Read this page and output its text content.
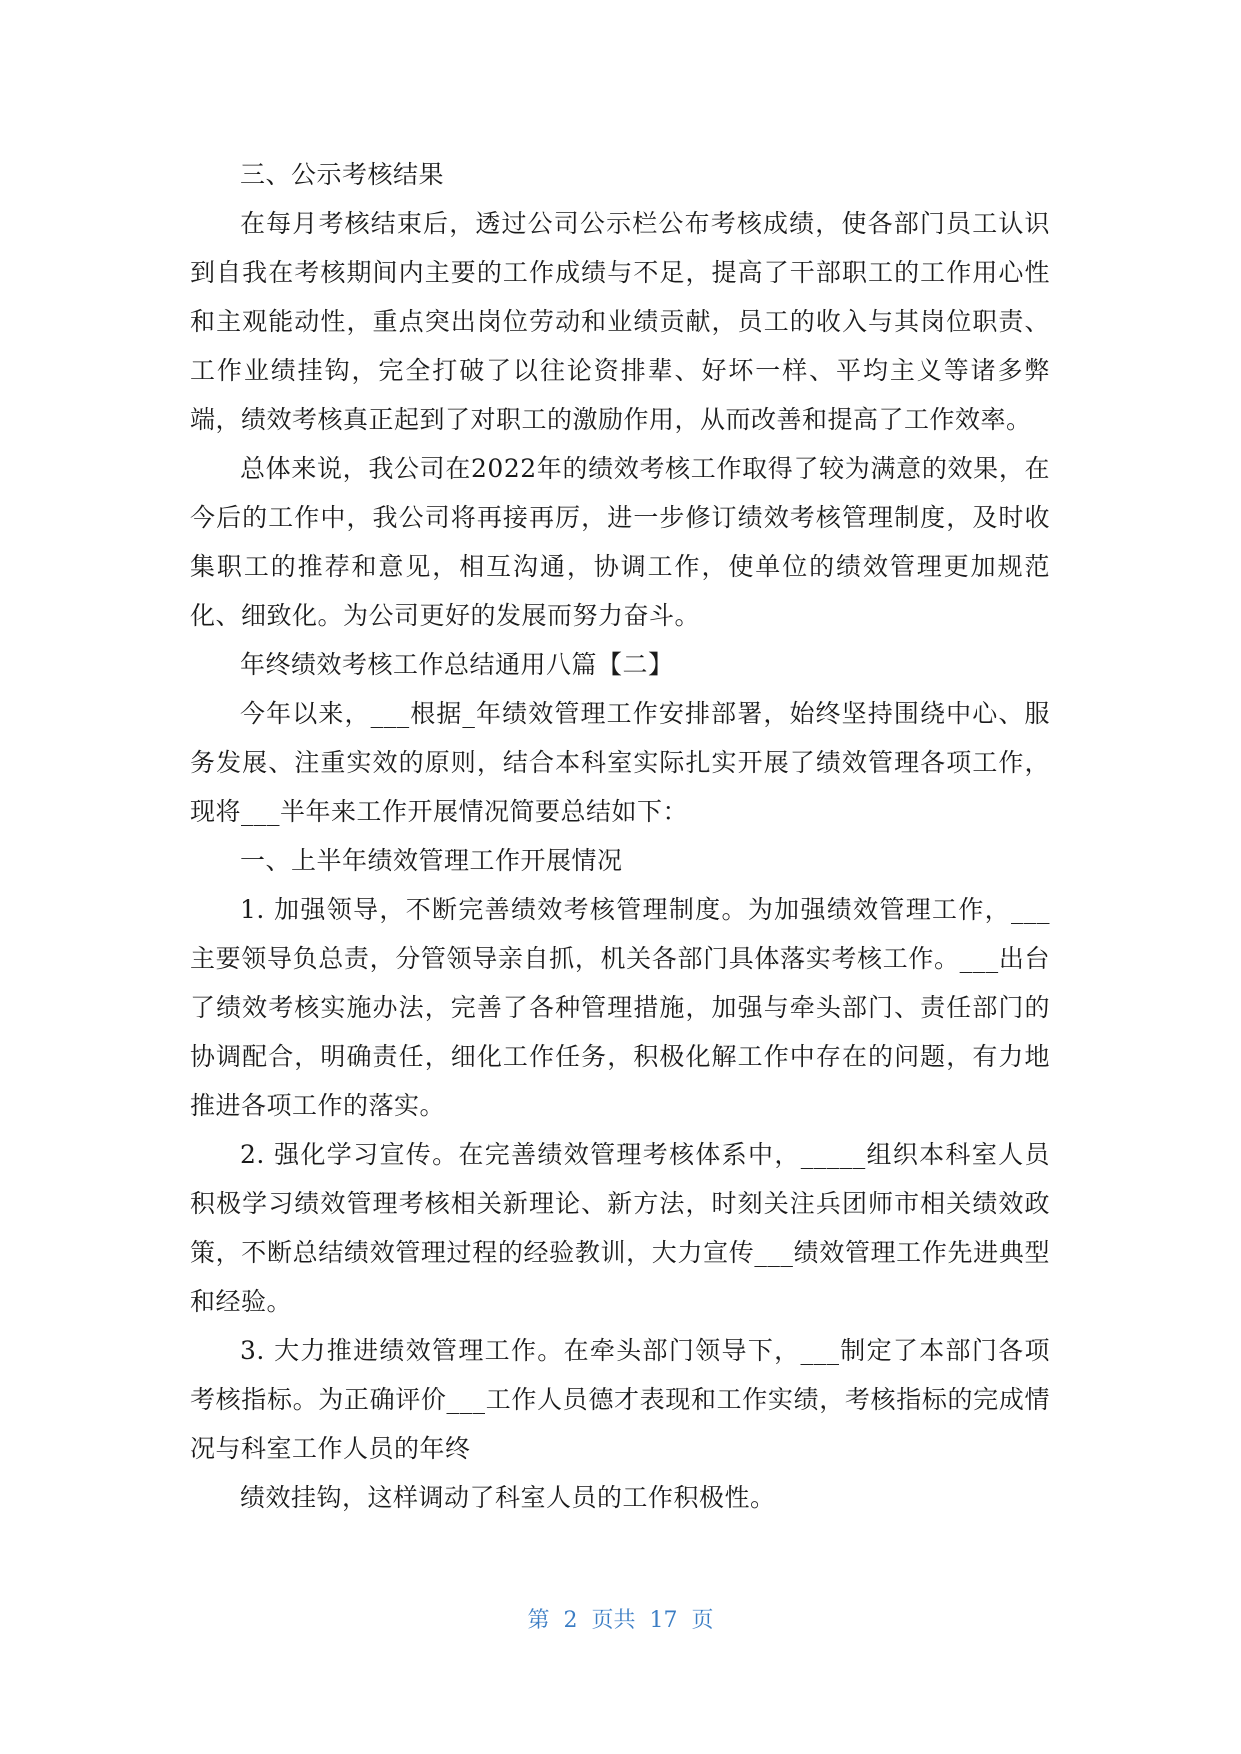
三、公示考核结果

在每月考核结束后，透过公司公示栏公布考核成绩，使各部门员工认识到自我在考核期间内主要的工作成绩与不足，提高了干部职工的工作用心性和主观能动性，重点突出岗位劳动和业绩贡献，员工的收入与其岗位职责、工作业绩挂钩，完全打破了以往论资排辈、好坏一样、平均主义等诸多弊端，绩效考核真正起到了对职工的激励作用，从而改善和提高了工作效率。

总体来说，我公司在2022年的绩效考核工作取得了较为满意的效果，在今后的工作中，我公司将再接再厉，进一步修订绩效考核管理制度，及时收集职工的推荐和意见，相互沟通，协调工作，使单位的绩效管理更加规范化、细致化。为公司更好的发展而努力奋斗。

年终绩效考核工作总结通用八篇【二】

今年以来，___根据_年绩效管理工作安排部署，始终坚持围绕中心、服务发展、注重实效的原则，结合本科室实际扎实开展了绩效管理各项工作，现将___半年来工作开展情况简要总结如下：

一、上半年绩效管理工作开展情况

1. 加强领导，不断完善绩效考核管理制度。为加强绩效管理工作，___主要领导负总责，分管领导亲自抓，机关各部门具体落实考核工作。___出台了绩效考核实施办法，完善了各种管理措施，加强与牵头部门、责任部门的协调配合，明确责任，细化工作任务，积极化解工作中存在的问题，有力地推进各项工作的落实。

2. 强化学习宣传。在完善绩效管理考核体系中，_____组织本科室人员积极学习绩效管理考核相关新理论、新方法，时刻关注兵团师市相关绩效政策，不断总结绩效管理过程的经验教训，大力宣传___绩效管理工作先进典型和经验。

3. 大力推进绩效管理工作。在牵头部门领导下，___制定了本部门各项考核指标。为正确评价___工作人员德才表现和工作实绩，考核指标的完成情况与科室工作人员的年终

绩效挂钩，这样调动了科室人员的工作积极性。

第 2 页共 17 页
